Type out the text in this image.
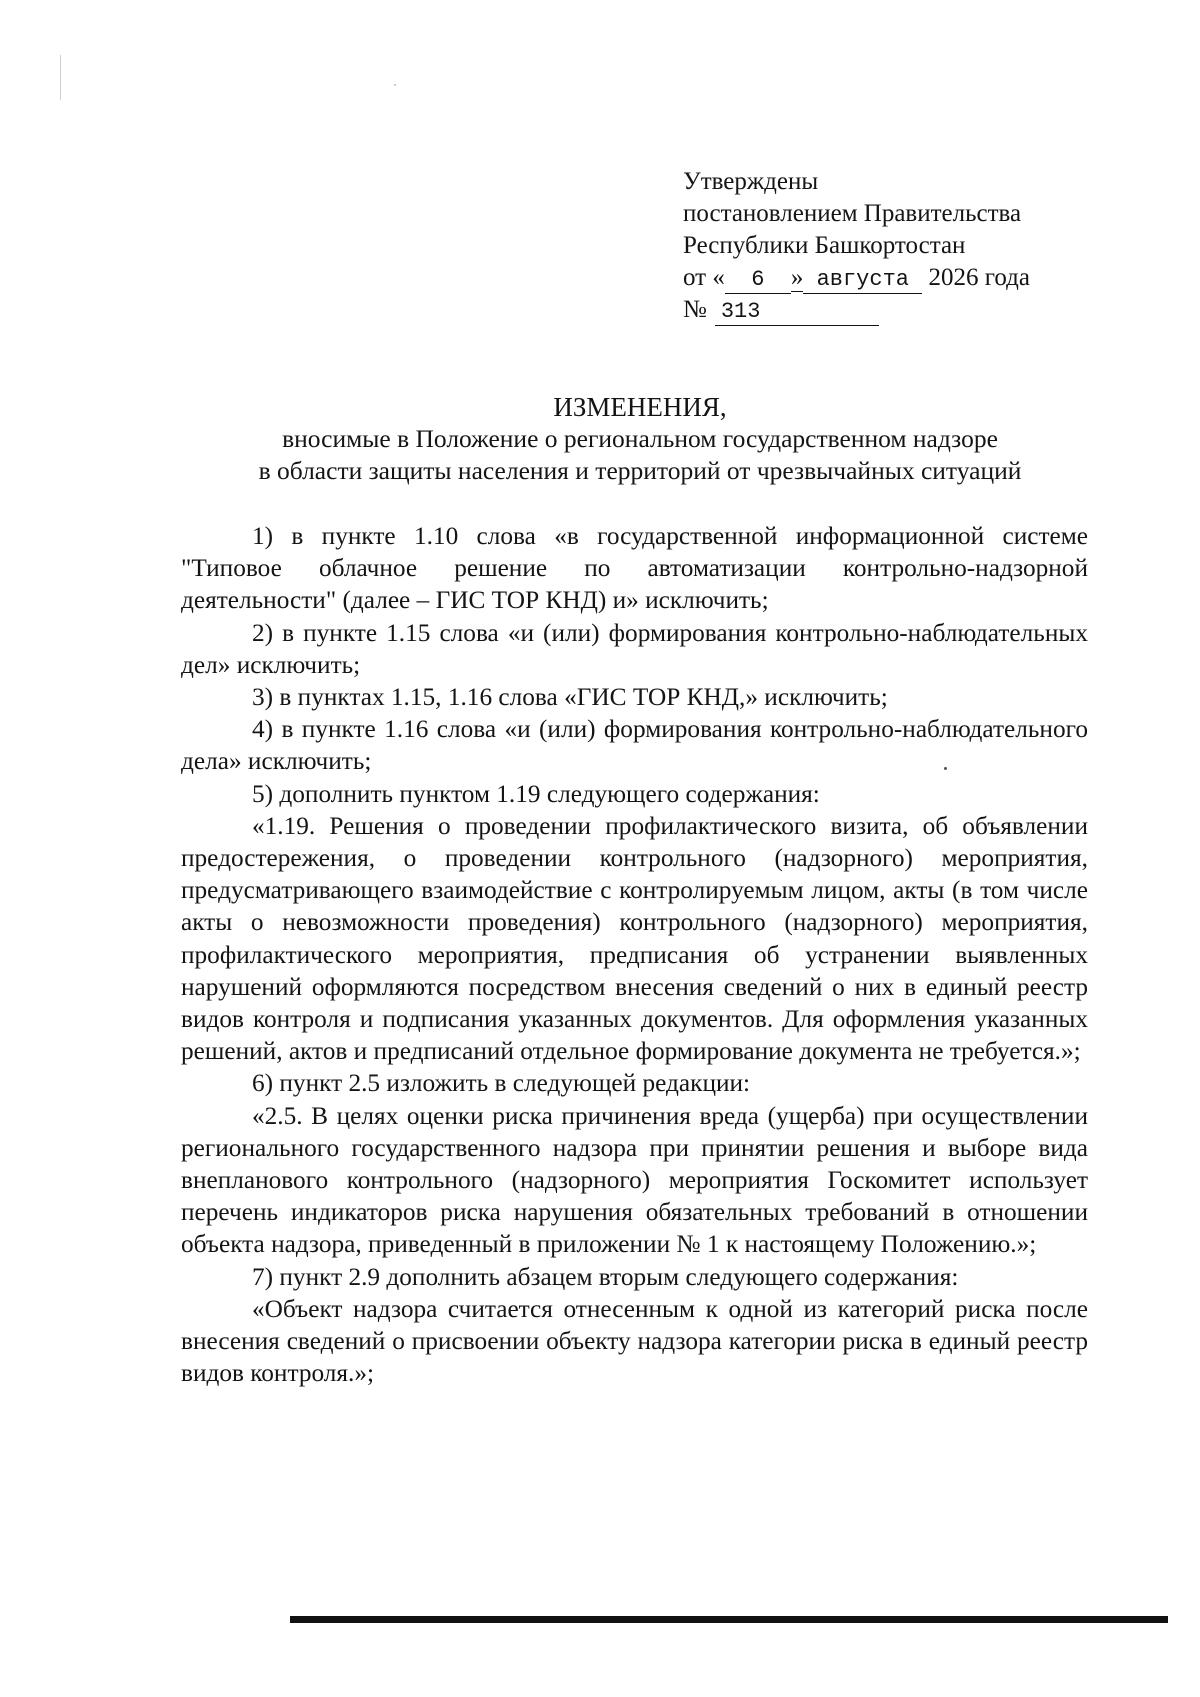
Утверждены
постановлением Правительства
Республики Башкортостан
от « 6 » августа 2026 года
№ 313
ИЗМЕНЕНИЯ,
вносимые в Положение о региональном государственном надзоре
в области защиты населения и территорий от чрезвычайных ситуаций

1) в пункте 1.10 слова «в государственной информационной системе "Типовое облачное решение по автоматизации контрольно-надзорной деятельности" (далее – ГИС ТОР КНД) и» исключить;

2) в пункте 1.15 слова «и (или) формирования контрольно-наблюдательных дел» исключить;

3) в пунктах 1.15, 1.16 слова «ГИС ТОР КНД,» исключить;

4) в пункте 1.16 слова «и (или) формирования контрольно-наблюдательного дела» исключить;

5) дополнить пунктом 1.19 следующего содержания:

«1.19. Решения о проведении профилактического визита, об объявлении предостережения, о проведении контрольного (надзорного) мероприятия, предусматривающего взаимодействие с контролируемым лицом, акты (в том числе акты о невозможности проведения) контрольного (надзорного) мероприятия, профилактического мероприятия, предписания об устранении выявленных нарушений оформляются посредством внесения сведений о них в единый реестр видов контроля и подписания указанных документов. Для оформления указанных решений, актов и предписаний отдельное формирование документа не требуется.»;

6) пункт 2.5 изложить в следующей редакции:

«2.5. В целях оценки риска причинения вреда (ущерба) при осуществлении регионального государственного надзора при принятии решения и выборе вида внепланового контрольного (надзорного) мероприятия Госкомитет использует перечень индикаторов риска нарушения обязательных требований в отношении объекта надзора, приведенный в приложении № 1 к настоящему Положению.»;

7) пункт 2.9 дополнить абзацем вторым следующего содержания:

«Объект надзора считается отнесенным к одной из категорий риска после внесения сведений о присвоении объекту надзора категории риска в единый реестр видов контроля.»;
